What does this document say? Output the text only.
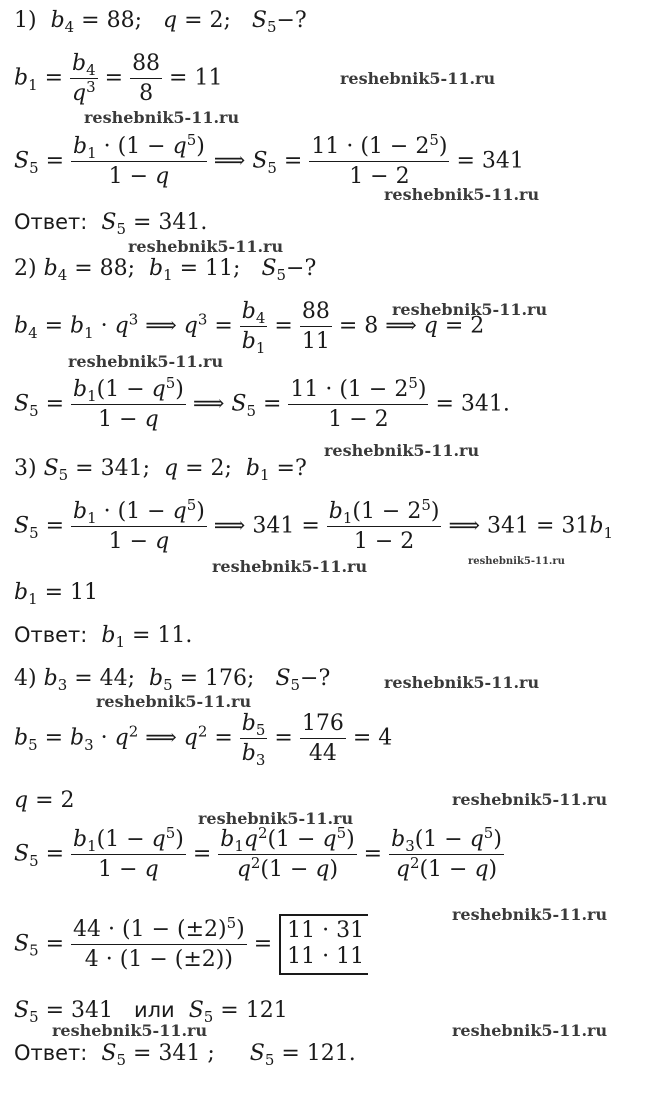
1)  $b_4 = 88$;   q = 2;   $S_5-$?
$b_1 = \frac{b_4}{q^3} = \frac{88}{8} = 11$
$S_5 = \frac{b_1 \cdot (1 - q^5)}{1 - q}$ ⟹ $S_5 = \frac{11 \cdot (1 - 2^5)}{1 - 2} = 341$
Ответ: $S_5 = 341$.
2) $b_4 = 88$;  $b_1 = 11$;   $S_5-$?
$b_4 = b_1 \cdot q^3$ ⟹ $q^3 = \frac{b_4}{b_1} = \frac{88}{11} = 8$ ⟹ q = 2
$S_5 = \frac{b_1(1 - q^5)}{1 - q}$ ⟹ $S_5 = \frac{11 \cdot (1 - 2^5)}{1 - 2} = 341$.
3) $S_5 = 341$;  q = 2;  $b_1$ =?
$S_5 = \frac{b_1 \cdot (1 - q^5)}{1 - q}$ ⟹ $341 = \frac{b_1(1 - 2^5)}{1 - 2}$ ⟹ $341 = 31b_1$
$b_1 = 11$
Ответ: $b_1 = 11$.
4) $b_3 = 44$;  $b_5 = 176$;   $S_5-$?
$b_5 = b_3 \cdot q^2$ ⟹ $q^2 = \frac{b_5}{b_3} = \frac{176}{44} = 4$
q = 2
$S_5 = \frac{b_1(1 - q^5)}{1 - q} = \frac{b_1q^2(1 - q^5)}{q^2(1 - q)} = \frac{b_3(1 - q^5)}{q^2(1 - q)}$
$S_5 = \frac{44 \cdot (1 - (\pm 2)^5)}{4 \cdot (1 - (\pm 2))}$ =
11 · 31
11 · 11
$S_5 = 341$   или $S_5 = 121$
Ответ: $S_5 = 341$ ; $S_5 = 121$.
reshebnik5-11.ru
reshebnik5-11.ru
reshebnik5-11.ru
reshebnik5-11.ru
reshebnik5-11.ru
reshebnik5-11.ru
reshebnik5-11.ru
reshebnik5-11.ru	reshebnik5-11.ru
reshebnik5-11.ru
reshebnik5-11.ru
reshebnik5-11.ru
reshebnik5-11.ru
reshebnik5-11.ru
reshebnik5-11.ru	reshebnik5-11.ru
